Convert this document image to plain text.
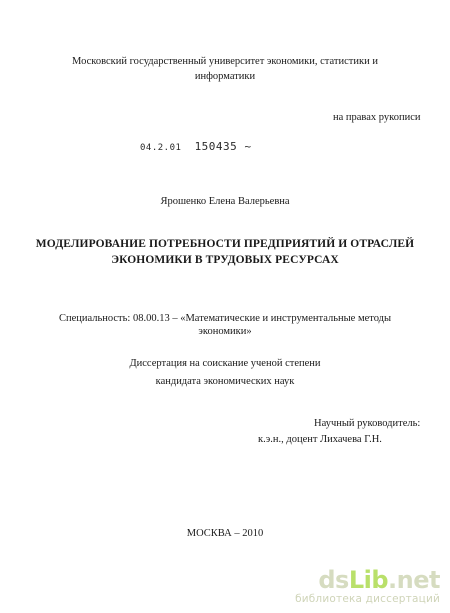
Московский государственный университет экономики, статистики и
информатики
на правах рукописи
04.2.01 150435 ~
Ярошенко Елена Валерьевна
МОДЕЛИРОВАНИЕ ПОТРЕБНОСТИ ПРЕДПРИЯТИЙ И ОТРАСЛЕЙ
ЭКОНОМИКИ В ТРУДОВЫХ РЕСУРСАХ
Специальность: 08.00.13 – «Математические и инструментальные методы
экономики»
Диссертация на соискание ученой степени
кандидата экономических наук
Научный руководитель:
к.э.н., доцент Лихачева Г.Н.
МОСКВА – 2010
dsLib.net
библиотека диссертаций
